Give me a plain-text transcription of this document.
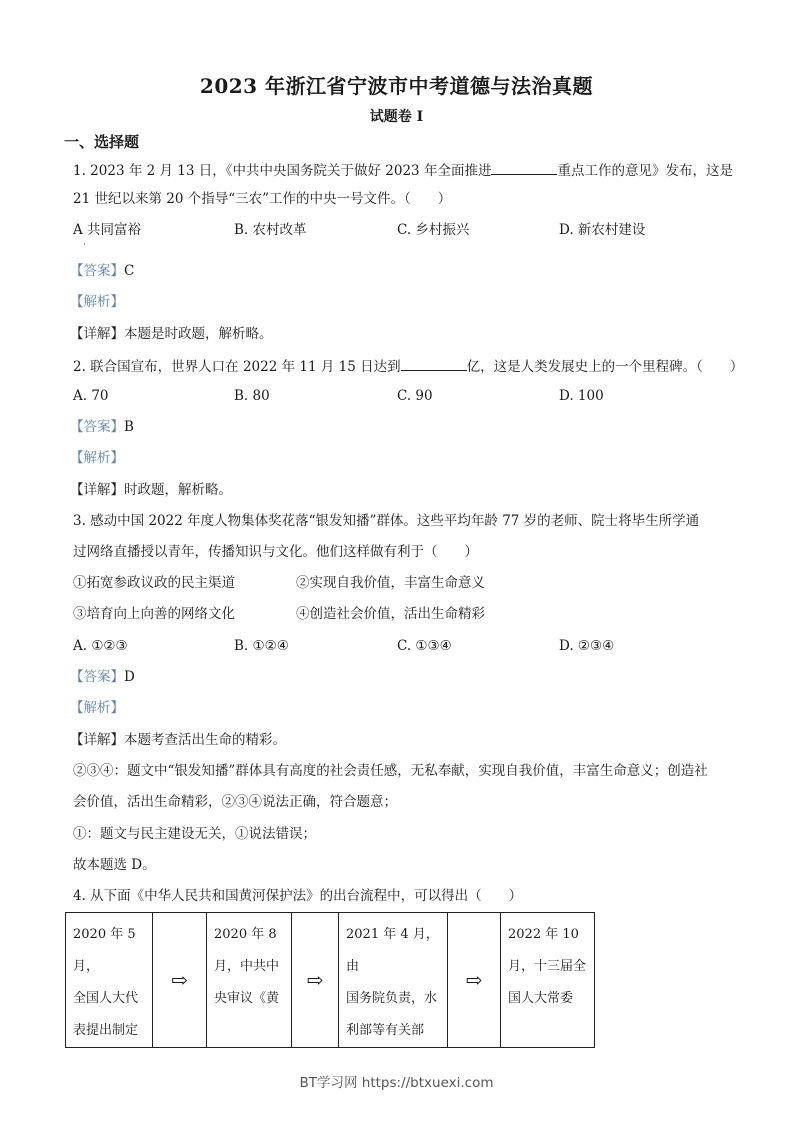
2023 年浙江省宁波市中考道德与法治真题
试题卷 I
一、选择题
1. 2023 年 2 月 13 日，《中共中央国务院关于做好 2023 年全面推进	重点工作的意见》发布，这是
21 世纪以来第 20 个指导“三农”工作的中央一号文件。（　　）
A 共同富裕	B. 农村改革	C. 乡村振兴	D. 新农村建设
【答案】C
【解析】
【详解】本题是时政题，解析略。
2. 联合国宣布，世界人口在 2022 年 11 月 15 日达到	亿，这是人类发展史上的一个里程碑。（　　）
A. 70	B. 80	C. 90	D. 100
【答案】B
【解析】
【详解】时政题，解析略。
3. 感动中国 2022 年度人物集体奖花落“银发知播”群体。这些平均年龄 77 岁的老师、院士将毕生所学通
过网络直播授以青年，传播知识与文化。他们这样做有利于（　　）
①拓宽参政议政的民主渠道	②实现自我价值，丰富生命意义
③培育向上向善的网络文化	④创造社会价值，活出生命精彩
A. ①②③	B. ①②④	C. ①③④	D. ②③④
【答案】D
【解析】
【详解】本题考查活出生命的精彩。
②③④：题文中“银发知播”群体具有高度的社会责任感，无私奉献，实现自我价值，丰富生命意义；创造社
会价值，活出生命精彩，②③④说法正确，符合题意；
①：题文与民主建设无关，①说法错误；
故本题选 D。
4. 从下面《中华人民共和国黄河保护法》的出台流程中，可以得出（　　）
2020 年 5 月，
全国人大代
表提出制定
	⇨	
2020 年 8
月，中共中
央审议《黄
	⇨	
2021 年 4 月，由
国务院负责，水
利部等有关部
	⇨	
2022 年 10
月，十三届全
国人大常委
BT学习网 https://btxuexi.com
